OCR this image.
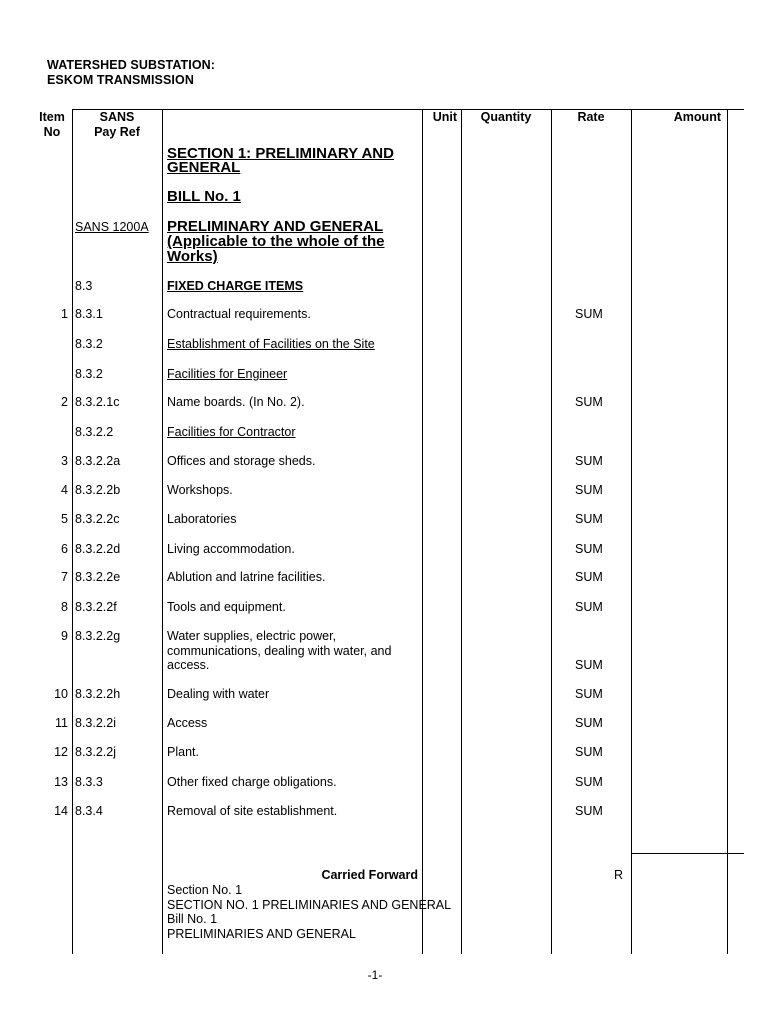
WATERSHED SUBSTATION:
ESKOM TRANSMISSION
Item
No
SANS
Pay Ref
Unit	Quantity	Rate	Amount
SECTION 1: PRELIMINARY AND
GENERAL
BILL No. 1
SANS 1200A PRELIMINARY AND GENERAL
(Applicable to the whole of the
Works)
8.3	FIXED CHARGE ITEMS
1 8.3.1	Contractual requirements.	SUM
8.3.2	Establishment of Facilities on the Site
8.3.2	Facilities for Engineer
2 8.3.2.1c	Name boards. (In No. 2).	SUM
8.3.2.2	Facilities for Contractor
3 8.3.2.2a	Offices and storage sheds.	SUM
4 8.3.2.2b	Workshops.	SUM
5 8.3.2.2c	Laboratories	SUM
6 8.3.2.2d	Living accommodation.	SUM
7 8.3.2.2e	Ablution and latrine facilities.	SUM
8 8.3.2.2f	Tools and equipment.	SUM
9 8.3.2.2g	Water supplies, electric power,
communications, dealing with water, and
access.	SUM
10 8.3.2.2h	Dealing with water	SUM
11 8.3.2.2i	Access	SUM
12 8.3.2.2j	Plant.	SUM
13 8.3.3	Other fixed charge obligations.	SUM
14 8.3.4	Removal of site establishment.	SUM
Carried Forward	R
Section No. 1
SECTION NO. 1 PRELIMINARIES AND GENERAL
Bill No. 1
PRELIMINARIES AND GENERAL
-1-
